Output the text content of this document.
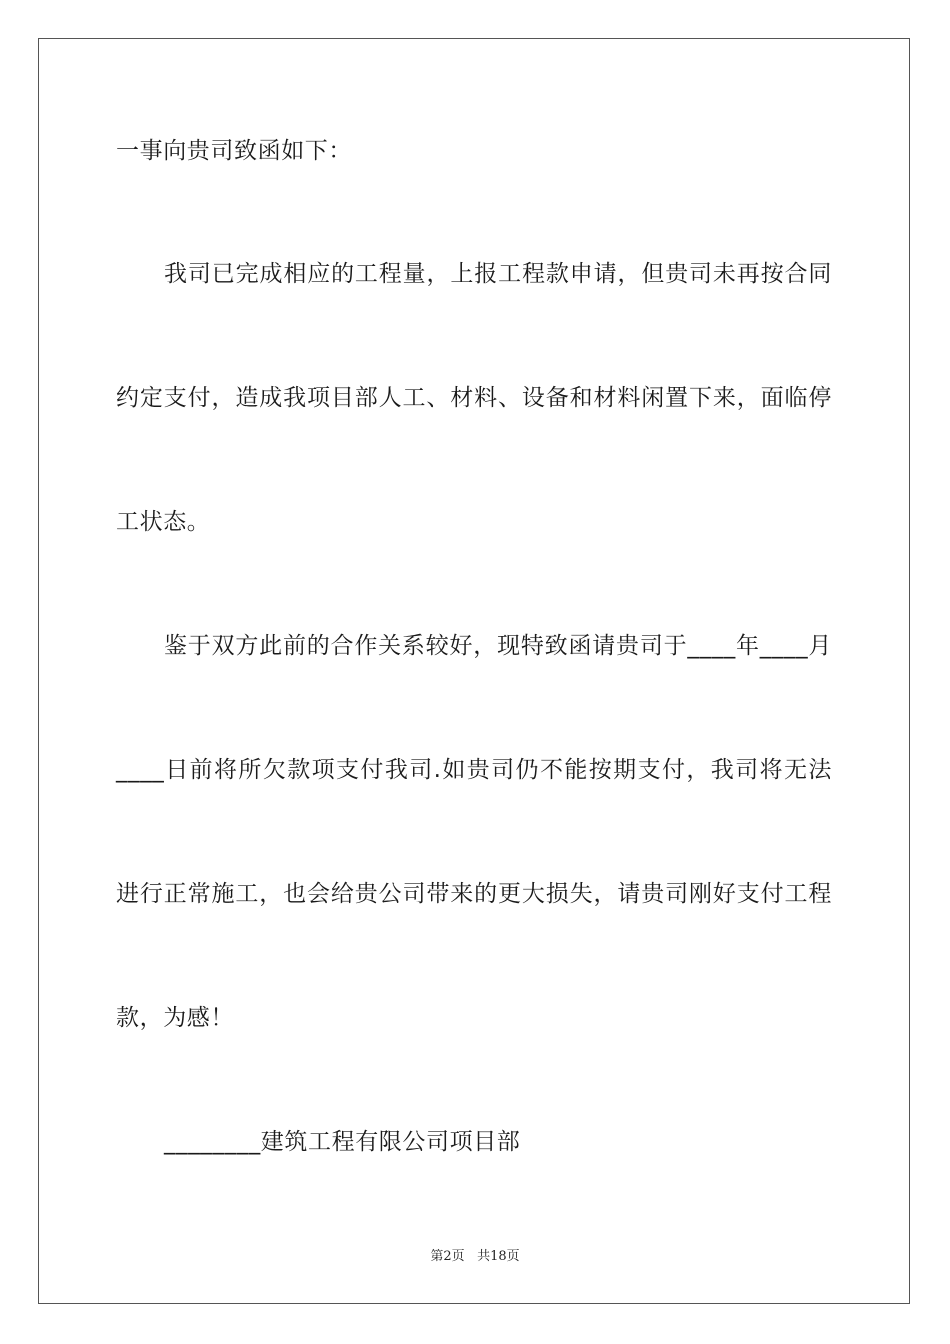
一事向贵司致函如下：
我司已完成相应的工程量，上报工程款申请，但贵司未再按合同
约定支付，造成我项目部人工、材料、设备和材料闲置下来，面临停
工状态。
鉴于双方此前的合作关系较好，现特致函请贵司于____年____月
____日前将所欠款项支付我司.如贵司仍不能按期支付，我司将无法
进行正常施工，也会给贵公司带来的更大损失，请贵司刚好支付工程
款，为感！
________建筑工程有限公司项目部
第2页 共18页
